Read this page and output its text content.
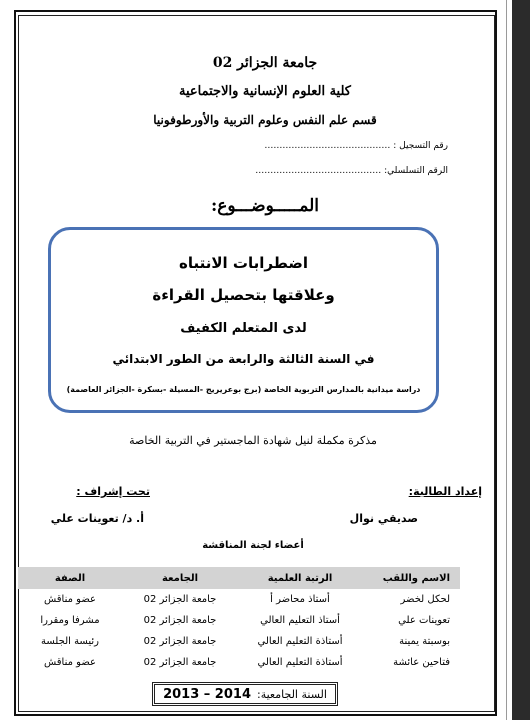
جامعة الجزائر 02
كلية العلوم الإنسانية والاجتماعية
قسم علم النفس وعلوم التربية والأورطوفونيا
رقم التسجيل : ……………………………………
الرقم التسلسلي: ……………………………………
المـــــوضـــوع:
اضطرابات الانتباه
وعلاقتها بتحصيل القراءة
لدى المتعلم الكفيف
في السنة الثالثة والرابعة من الطور الابتدائي
دراسة ميدانية بالمدارس التربوية الخاصة (برج بوعريريج -المسيلة -بسكرة -الجزائر العاصمة)
مذكرة مكملة لنيل شهادة الماجستير في التربية الخاصة
إعداد الطالبة:
صديقي نوال
تحت إشراف :
أ. د/ تعوينات علي
أعضاء لجنة المناقشة
الاسم واللقب
الرتبة العلمية
الجامعة
الصفة
لحكل لخضر
أستاذ محاضر أ
جامعة الجزائر 02
عضو مناقش
تعوينات علي
أستاذ التعليم العالي
جامعة الجزائر 02
مشرفا ومقررا
بوسبتة يمينة
أستاذة التعليم العالي
جامعة الجزائر 02
رئيسة الجلسة
فتاحين عائشة
أستاذة التعليم العالي
جامعة الجزائر 02
عضو مناقش
السنة الجامعية:
2013 – 2014
